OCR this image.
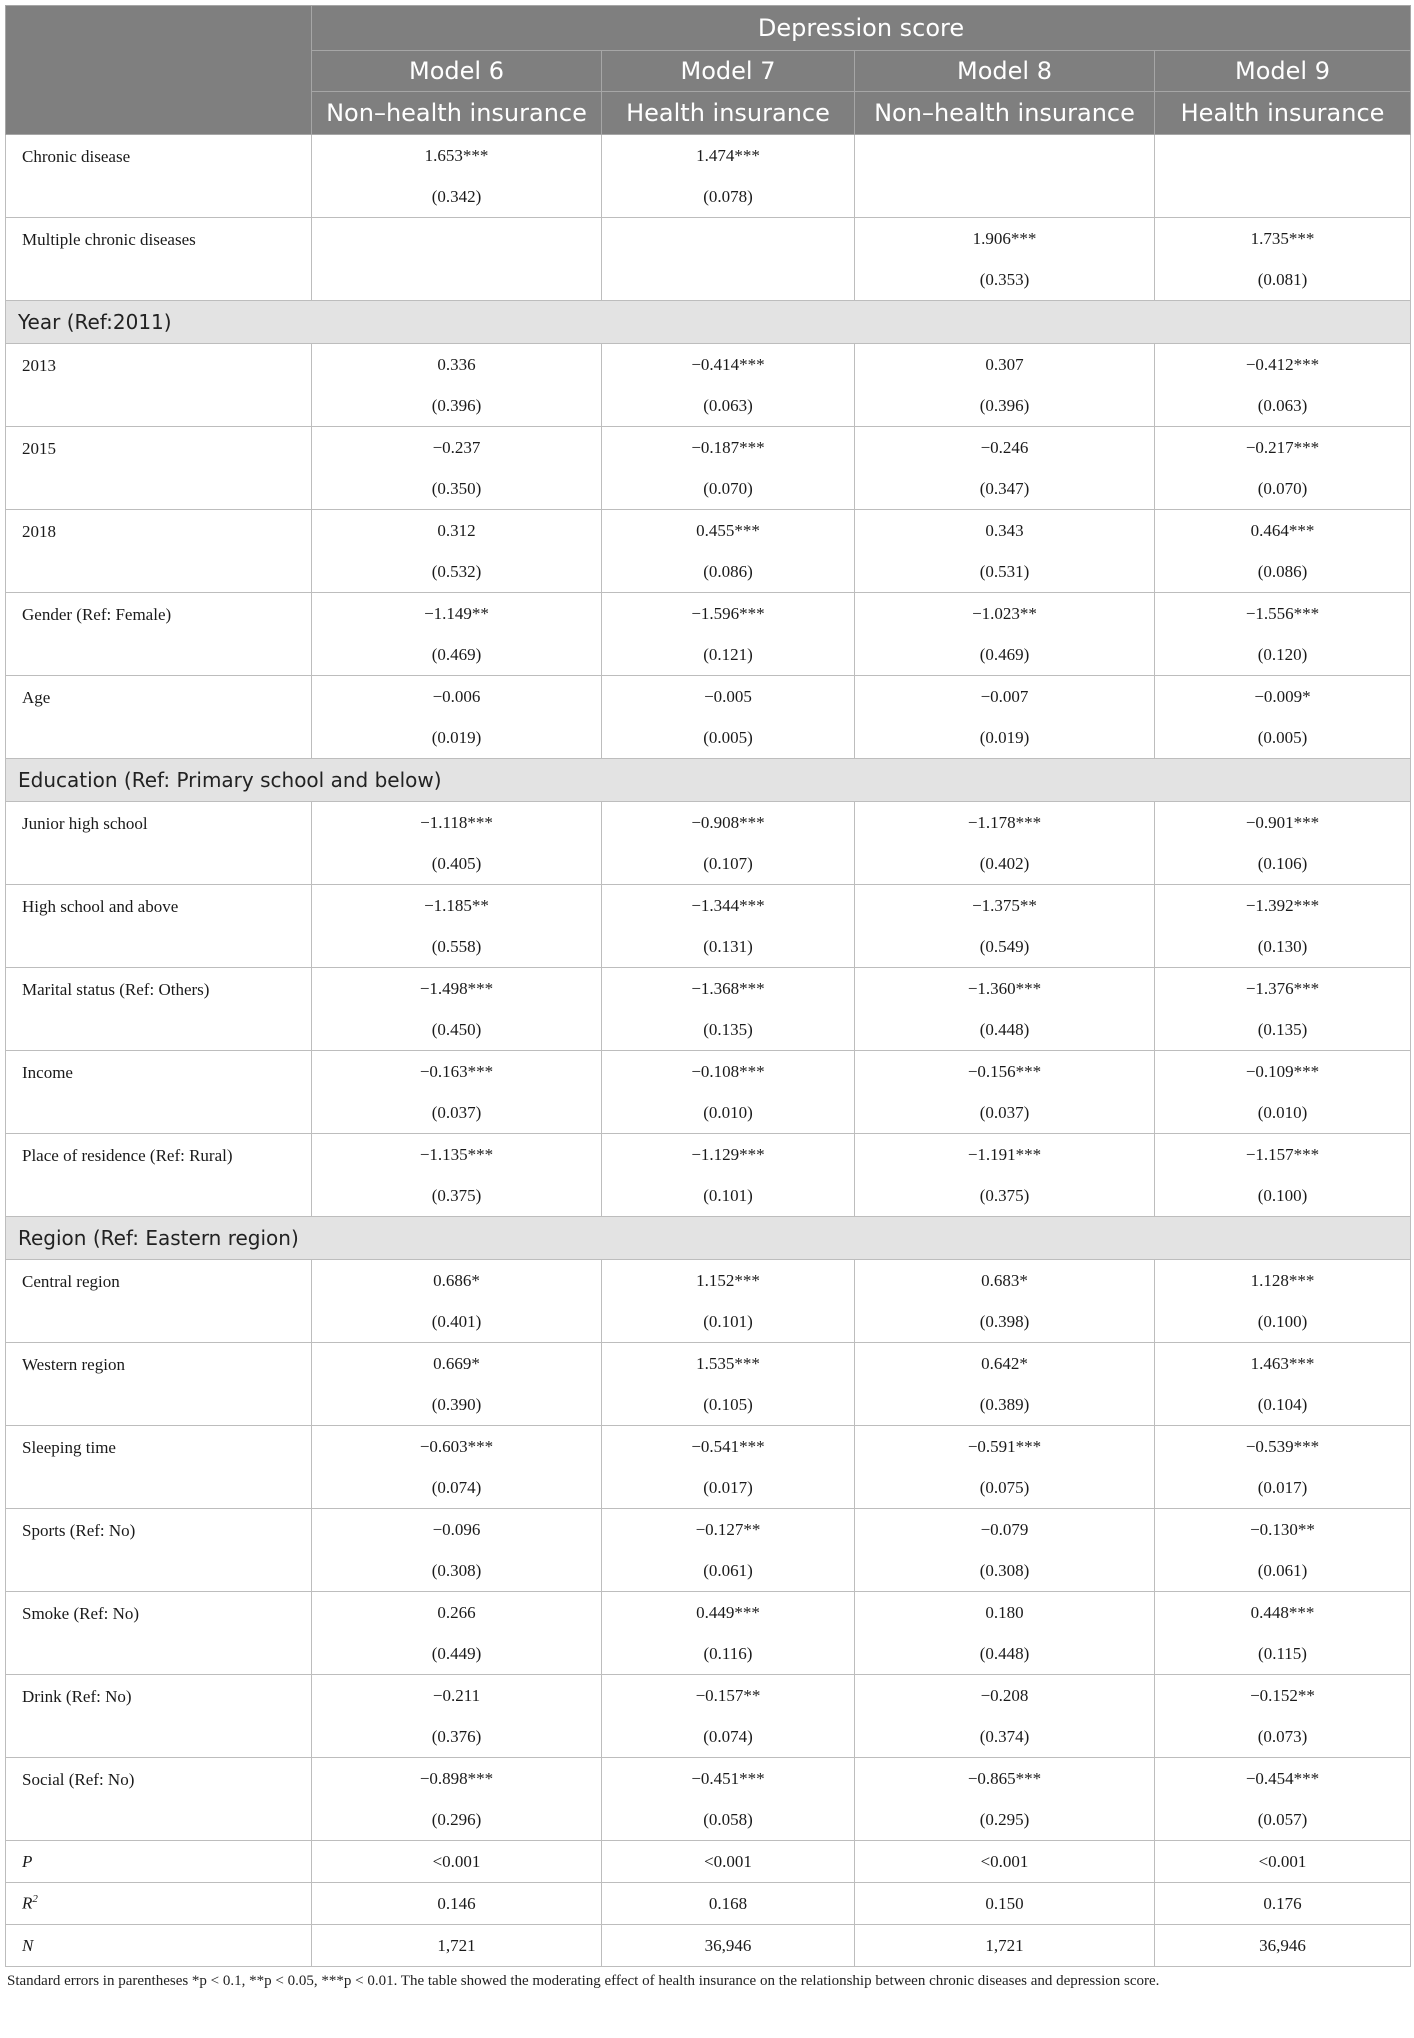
	Depression score			
	Model 6	Model 7	Model 8	Model 9
	Non–health insurance	Health insurance	Non–health insurance	Health insurance
Chronic disease	1.653***	1.474***		
	(0.342)	(0.078)		
Multiple chronic diseases			1.906***	1.735***
			(0.353)	(0.081)
Year (Ref:2011)				
2013	0.336	−0.414***	0.307	−0.412***
	(0.396)	(0.063)	(0.396)	(0.063)
2015	−0.237	−0.187***	−0.246	−0.217***
	(0.350)	(0.070)	(0.347)	(0.070)
2018	0.312	0.455***	0.343	0.464***
	(0.532)	(0.086)	(0.531)	(0.086)
Gender (Ref: Female)	−1.149**	−1.596***	−1.023**	−1.556***
	(0.469)	(0.121)	(0.469)	(0.120)
Age	−0.006	−0.005	−0.007	−0.009*
	(0.019)	(0.005)	(0.019)	(0.005)
Education (Ref: Primary school and below)				
Junior high school	−1.118***	−0.908***	−1.178***	−0.901***
	(0.405)	(0.107)	(0.402)	(0.106)
High school and above	−1.185**	−1.344***	−1.375**	−1.392***
	(0.558)	(0.131)	(0.549)	(0.130)
Marital status (Ref: Others)	−1.498***	−1.368***	−1.360***	−1.376***
	(0.450)	(0.135)	(0.448)	(0.135)
Income	−0.163***	−0.108***	−0.156***	−0.109***
	(0.037)	(0.010)	(0.037)	(0.010)
Place of residence (Ref: Rural)	−1.135***	−1.129***	−1.191***	−1.157***
	(0.375)	(0.101)	(0.375)	(0.100)
Region (Ref: Eastern region)				
Central region	0.686*	1.152***	0.683*	1.128***
	(0.401)	(0.101)	(0.398)	(0.100)
Western region	0.669*	1.535***	0.642*	1.463***
	(0.390)	(0.105)	(0.389)	(0.104)
Sleeping time	−0.603***	−0.541***	−0.591***	−0.539***
	(0.074)	(0.017)	(0.075)	(0.017)
Sports (Ref: No)	−0.096	−0.127**	−0.079	−0.130**
	(0.308)	(0.061)	(0.308)	(0.061)
Smoke (Ref: No)	0.266	0.449***	0.180	0.448***
	(0.449)	(0.116)	(0.448)	(0.115)
Drink (Ref: No)	−0.211	−0.157**	−0.208	−0.152**
	(0.376)	(0.074)	(0.374)	(0.073)
Social (Ref: No)	−0.898***	−0.451***	−0.865***	−0.454***
	(0.296)	(0.058)	(0.295)	(0.057)
P	<0.001	<0.001	<0.001	<0.001
$R^2$	0.146	0.168	0.150	0.176
N	1,721	36,946	1,721	36,946
Standard errors in parentheses *p < 0.1, **p < 0.05, ***p < 0.01. The table showed the moderating effect of health insurance on the relationship between chronic diseases and depression score.
